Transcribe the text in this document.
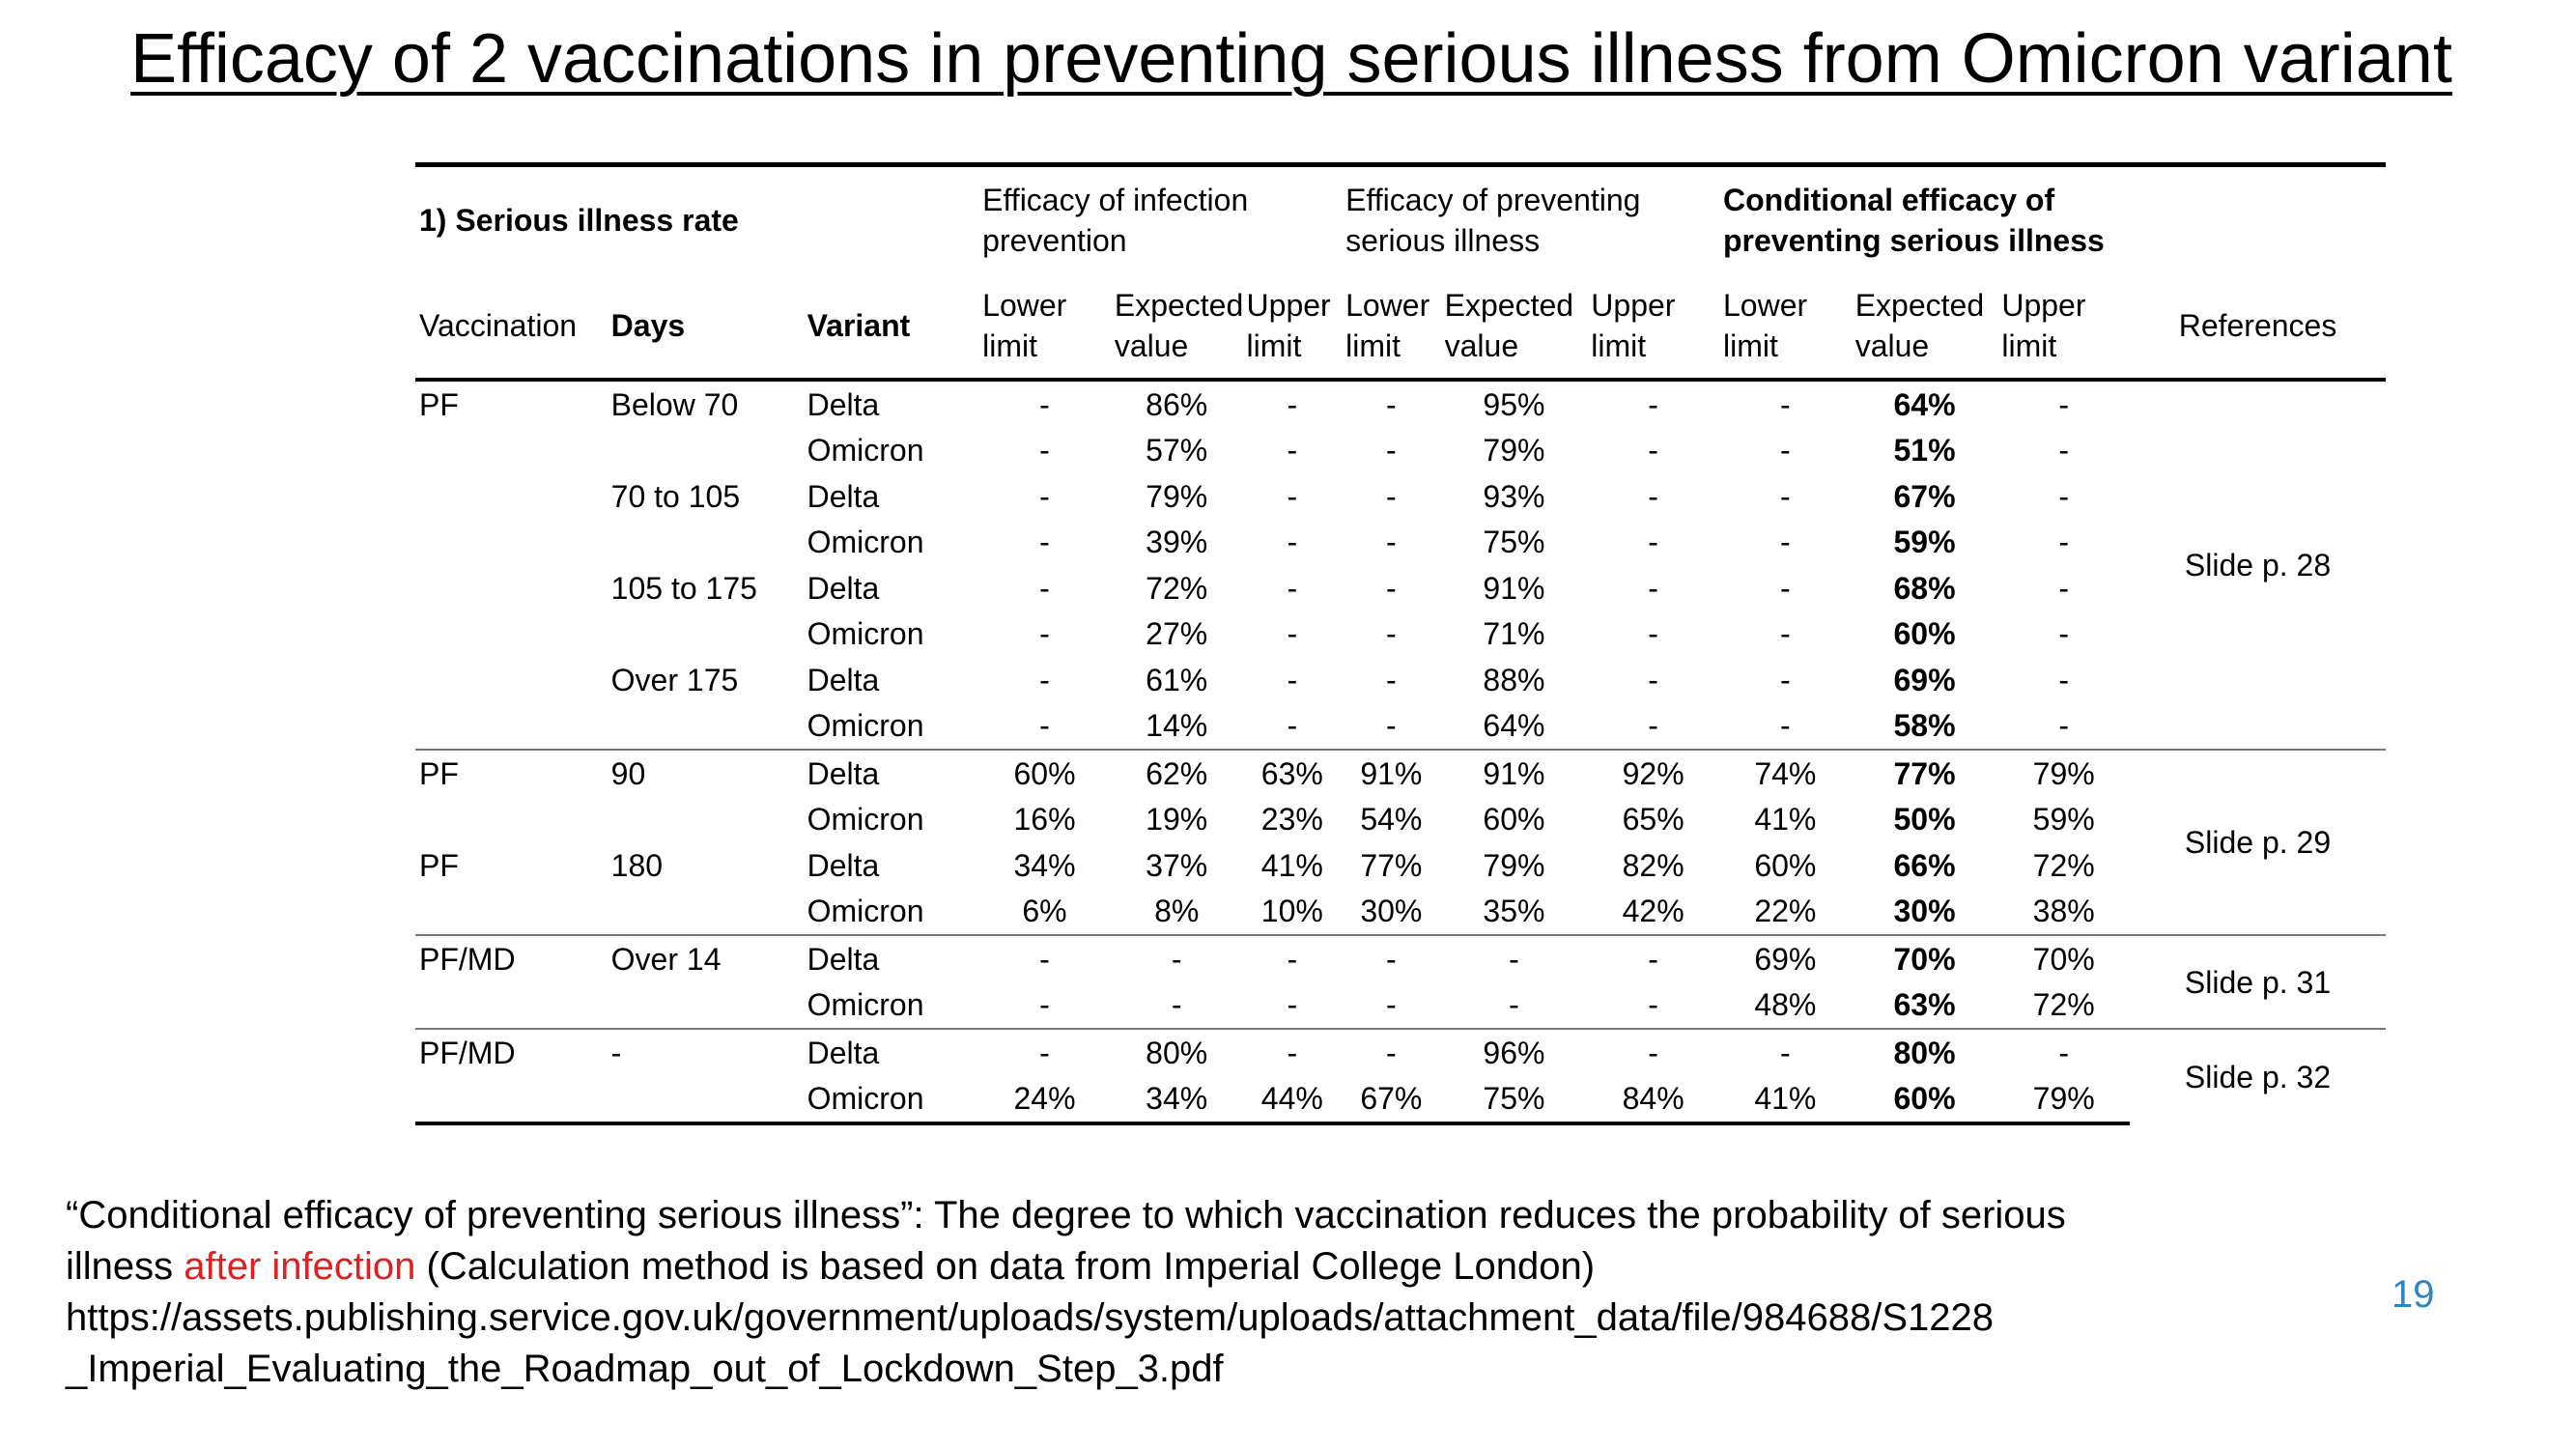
Efficacy of 2 vaccinations in preventing serious illness from Omicron variant
1) Serious illness rate			Efficacy of infection prevention			Efficacy of preventing serious illness			Conditional efficacy of preventing serious illness			
Vaccination	Days	Variant	Lower limit	Expected value	Upper limit	Lower limit	Expected value	Upper limit	Lower limit	Expected value	Upper limit	References
PF	Below 70	Delta	-	86%	-	-	95%	-	-	64%	-	Slide p. 28
		Omicron	-	57%	-	-	79%	-	-	51%	-	
	70 to 105	Delta	-	79%	-	-	93%	-	-	67%	-	
		Omicron	-	39%	-	-	75%	-	-	59%	-	
	105 to 175	Delta	-	72%	-	-	91%	-	-	68%	-	
		Omicron	-	27%	-	-	71%	-	-	60%	-	
	Over 175	Delta	-	61%	-	-	88%	-	-	69%	-	
		Omicron	-	14%	-	-	64%	-	-	58%	-	
PF	90	Delta	60%	62%	63%	91%	91%	92%	74%	77%	79%	Slide p. 29
		Omicron	16%	19%	23%	54%	60%	65%	41%	50%	59%	
PF	180	Delta	34%	37%	41%	77%	79%	82%	60%	66%	72%	
		Omicron	6%	8%	10%	30%	35%	42%	22%	30%	38%	
PF/MD	Over 14	Delta	-	-	-	-	-	-	69%	70%	70%	Slide p. 31
		Omicron	-	-	-	-	-	-	48%	63%	72%	
PF/MD	-	Delta	-	80%	-	-	96%	-	-	80%	-	Slide p. 32
		Omicron	24%	34%	44%	67%	75%	84%	41%	60%	79%	
“Conditional efficacy of preventing serious illness”: The degree to which vaccination reduces the probability of serious
illness after infection (Calculation method is based on data from Imperial College London)
https://assets.publishing.service.gov.uk/government/uploads/system/uploads/attachment_data/file/984688/S1228
_Imperial_Evaluating_the_Roadmap_out_of_Lockdown_Step_3.pdf
19
